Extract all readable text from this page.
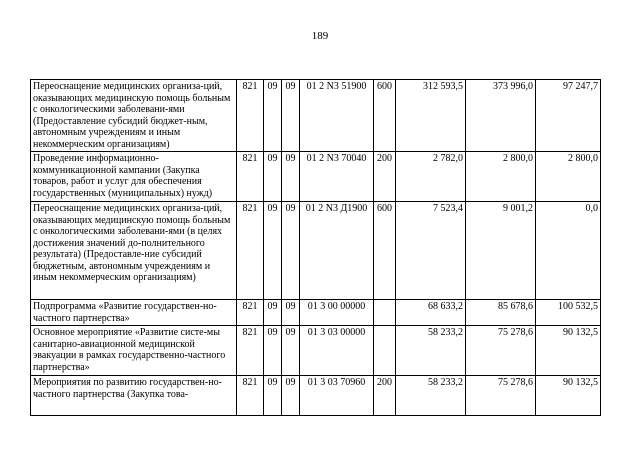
189
Переоснащение медицинских организа-ций, оказывающих медицинскую помощь больным с онкологическими заболевани-ями (Предоставление субсидий бюджет-ным, автономным учреждениям и иным некоммерческим организациям)	821	09	09	01 2 N3 51900	600	312 593,5	373 996,0	97 247,7
Проведение информационно-коммуникационной кампании (Закупка товаров, работ и услуг для обеспечения государственных (муниципальных) нужд)	821	09	09	01 2 N3 70040	200	2 782,0	2 800,0	2 800,0
Переоснащение медицинских организа-ций, оказывающих медицинскую помощь больным с онкологическими заболевани-ями (в целях достижения значений до-полнительного результата) (Предоставле-ние субсидий бюджетным, автономным учреждениям и иным некоммерческим организациям)	821	09	09	01 2 N3 Д1900	600	7 523,4	9 001,2	0,0
Подпрограмма «Развитие государствен-но-частного партнерства»	821	09	09	01 3 00 00000		68 633,2	85 678,6	100 532,5
Основное мероприятие «Развитие систе-мы санитарно-авиационной медицинской эвакуации в рамках государственно-частного партнерства»	821	09	09	01 3 03 00000		58 233,2	75 278,6	90 132,5
Мероприятия по развитию государствен-но-частного партнерства (Закупка това-	821	09	09	01 3 03 70960	200	58 233,2	75 278,6	90 132,5
